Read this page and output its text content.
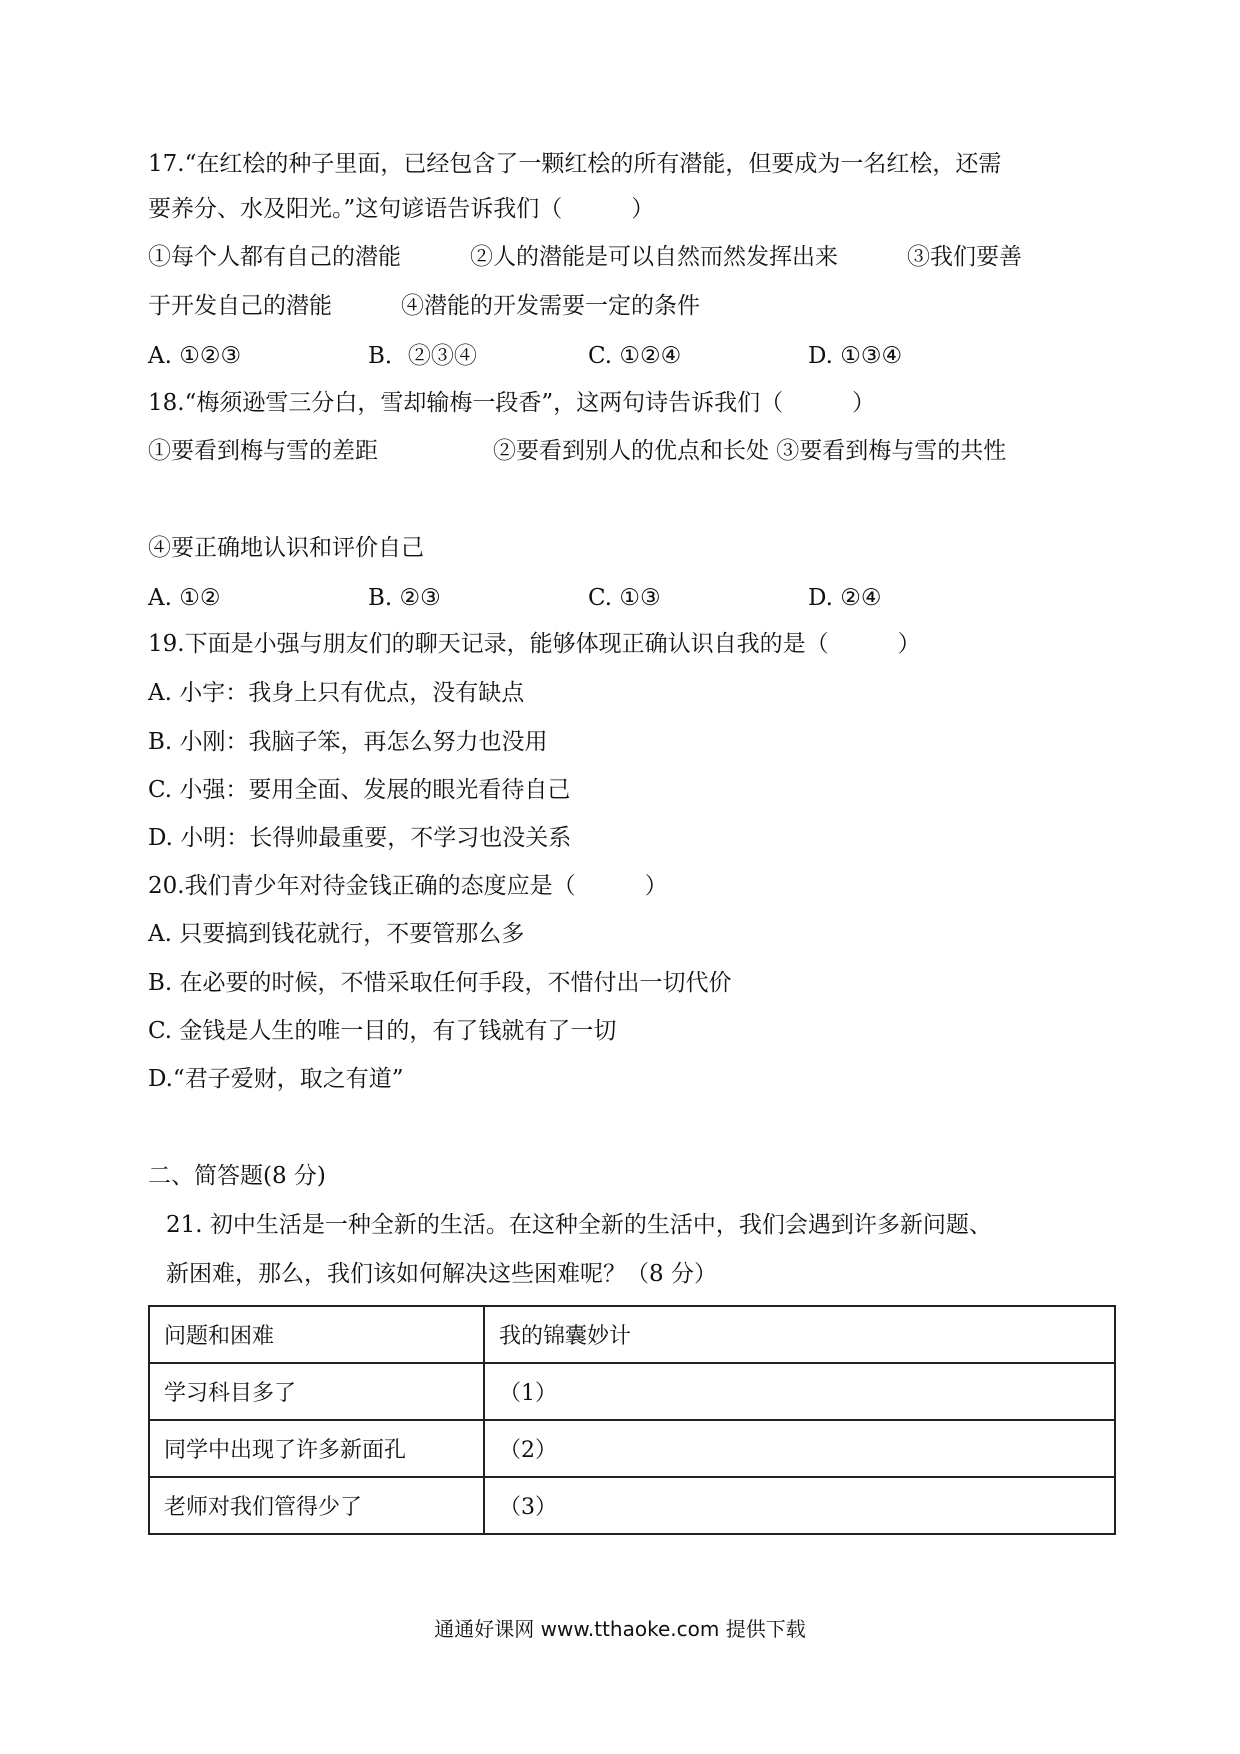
17.“在红桧的种子里面，已经包含了一颗红桧的所有潜能，但要成为一名红桧，还需
要养分、水及阳光。”这句谚语告诉我们（　　　）
①每个人都有自己的潜能　　　②人的潜能是可以自然而然发挥出来　　　③我们要善
于开发自己的潜能　　　④潜能的开发需要一定的条件
A. ①②③	B．②③④	C. ①②④	D. ①③④
18.“梅须逊雪三分白，雪却输梅一段香”，这两句诗告诉我们（　　　）
①要看到梅与雪的差距　　　　　②要看到别人的优点和长处 ③要看到梅与雪的共性
④要正确地认识和评价自己
A. ①②	B. ②③	C. ①③	D. ②④
19.下面是小强与朋友们的聊天记录，能够体现正确认识自我的是（　　　）
A. 小宇：我身上只有优点，没有缺点
B. 小刚：我脑子笨，再怎么努力也没用
C. 小强：要用全面、发展的眼光看待自己
D. 小明：长得帅最重要，不学习也没关系
20.我们青少年对待金钱正确的态度应是（　　　）
A. 只要搞到钱花就行，不要管那么多
B. 在必要的时候，不惜采取任何手段，不惜付出一切代价
C. 金钱是人生的唯一目的，有了钱就有了一切
D.“君子爱财，取之有道”
二、简答题(8 分)
21. 初中生活是一种全新的生活。在这种全新的生活中，我们会遇到许多新问题、
新困难，那么，我们该如何解决这些困难呢？（8 分）
问题和困难	我的锦囊妙计
学习科目多了	（1）
同学中出现了许多新面孔	（2）
老师对我们管得少了	（3）
通通好课网 www.tthaoke.com 提供下载
